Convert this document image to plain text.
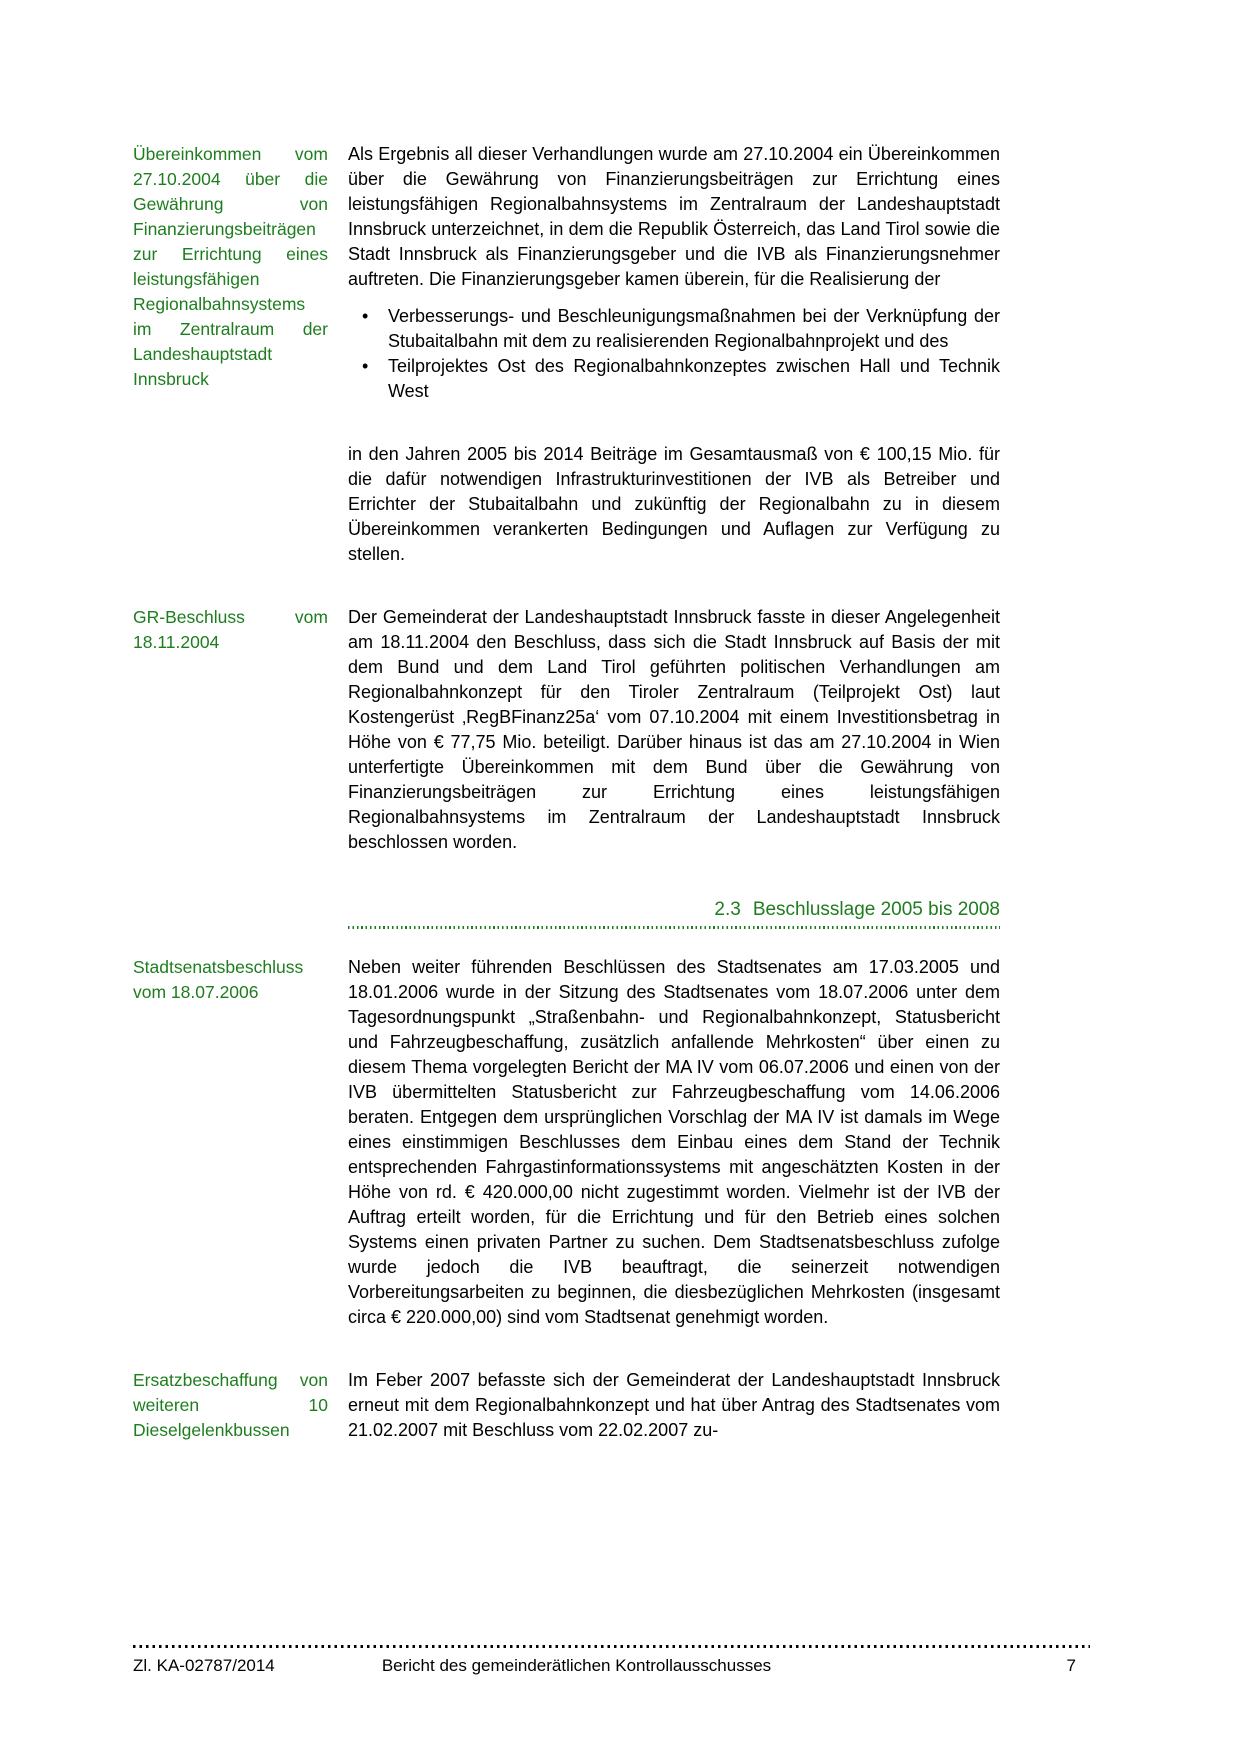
Übereinkommen vom 27.10.2004 über die Gewährung von Finanzierungsbeiträgen zur Errichtung eines leistungsfähigen Regionalbahnsystems im Zentralraum der Landeshauptstadt Innsbruck

Als Ergebnis all dieser Verhandlungen wurde am 27.10.2004 ein Übereinkommen über die Gewährung von Finanzierungsbeiträgen zur Errichtung eines leistungsfähigen Regionalbahnsystems im Zentralraum der Landeshauptstadt Innsbruck unterzeichnet, in dem die Republik Österreich, das Land Tirol sowie die Stadt Innsbruck als Finanzierungsgeber und die IVB als Finanzierungsnehmer auftreten. Die Finanzierungsgeber kamen überein, für die Realisierung der

• Verbesserungs- und Beschleunigungsmaßnahmen bei der Verknüpfung der Stubaitalbahn mit dem zu realisierenden Regionalbahnprojekt und des
• Teilprojektes Ost des Regionalbahnkonzeptes zwischen Hall und Technik West

in den Jahren 2005 bis 2014 Beiträge im Gesamtausmaß von € 100,15 Mio. für die dafür notwendigen Infrastrukturinvestitionen der IVB als Betreiber und Errichter der Stubaitalbahn und zukünftig der Regionalbahn zu in diesem Übereinkommen verankerten Bedingungen und Auflagen zur Verfügung zu stellen.

GR-Beschluss vom 18.11.2004

Der Gemeinderat der Landeshauptstadt Innsbruck fasste in dieser Angelegenheit am 18.11.2004 den Beschluss, dass sich die Stadt Innsbruck auf Basis der mit dem Bund und dem Land Tirol geführten politischen Verhandlungen am Regionalbahnkonzept für den Tiroler Zentralraum (Teilprojekt Ost) laut Kostengerüst ‚RegBFinanz25a‘ vom 07.10.2004 mit einem Investitionsbetrag in Höhe von € 77,75 Mio. beteiligt. Darüber hinaus ist das am 27.10.2004 in Wien unterfertigte Übereinkommen mit dem Bund über die Gewährung von Finanzierungsbeiträgen zur Errichtung eines leistungsfähigen Regionalbahnsystems im Zentralraum der Landeshauptstadt Innsbruck beschlossen worden.

2.3 Beschlusslage 2005 bis 2008
Stadtsenatsbeschluss vom 18.07.2006

Neben weiter führenden Beschlüssen des Stadtsenates am 17.03.2005 und 18.01.2006 wurde in der Sitzung des Stadtsenates vom 18.07.2006 unter dem Tagesordnungspunkt „Straßenbahn- und Regionalbahnkonzept, Statusbericht und Fahrzeugbeschaffung, zusätzlich anfallende Mehrkosten“ über einen zu diesem Thema vorgelegten Bericht der MA IV vom 06.07.2006 und einen von der IVB übermittelten Statusbericht zur Fahrzeugbeschaffung vom 14.06.2006 beraten. Entgegen dem ursprünglichen Vorschlag der MA IV ist damals im Wege eines einstimmigen Beschlusses dem Einbau eines dem Stand der Technik entsprechenden Fahrgastinformationssystems mit angeschätzten Kosten in der Höhe von rd. € 420.000,00 nicht zugestimmt worden. Vielmehr ist der IVB der Auftrag erteilt worden, für die Errichtung und für den Betrieb eines solchen Systems einen privaten Partner zu suchen. Dem Stadtsenatsbeschluss zufolge wurde jedoch die IVB beauftragt, die seinerzeit notwendigen Vorbereitungsarbeiten zu beginnen, die diesbezüglichen Mehrkosten (insgesamt circa € 220.000,00) sind vom Stadtsenat genehmigt worden.

Ersatzbeschaffung von weiteren 10 Dieselgelenkbussen

Im Feber 2007 befasste sich der Gemeinderat der Landeshauptstadt Innsbruck erneut mit dem Regionalbahnkonzept und hat über Antrag des Stadtsenates vom 21.02.2007 mit Beschluss vom 22.02.2007 zu-

Zl. KA-02787/2014	Bericht des gemeinderätlichen Kontrollausschusses	7
